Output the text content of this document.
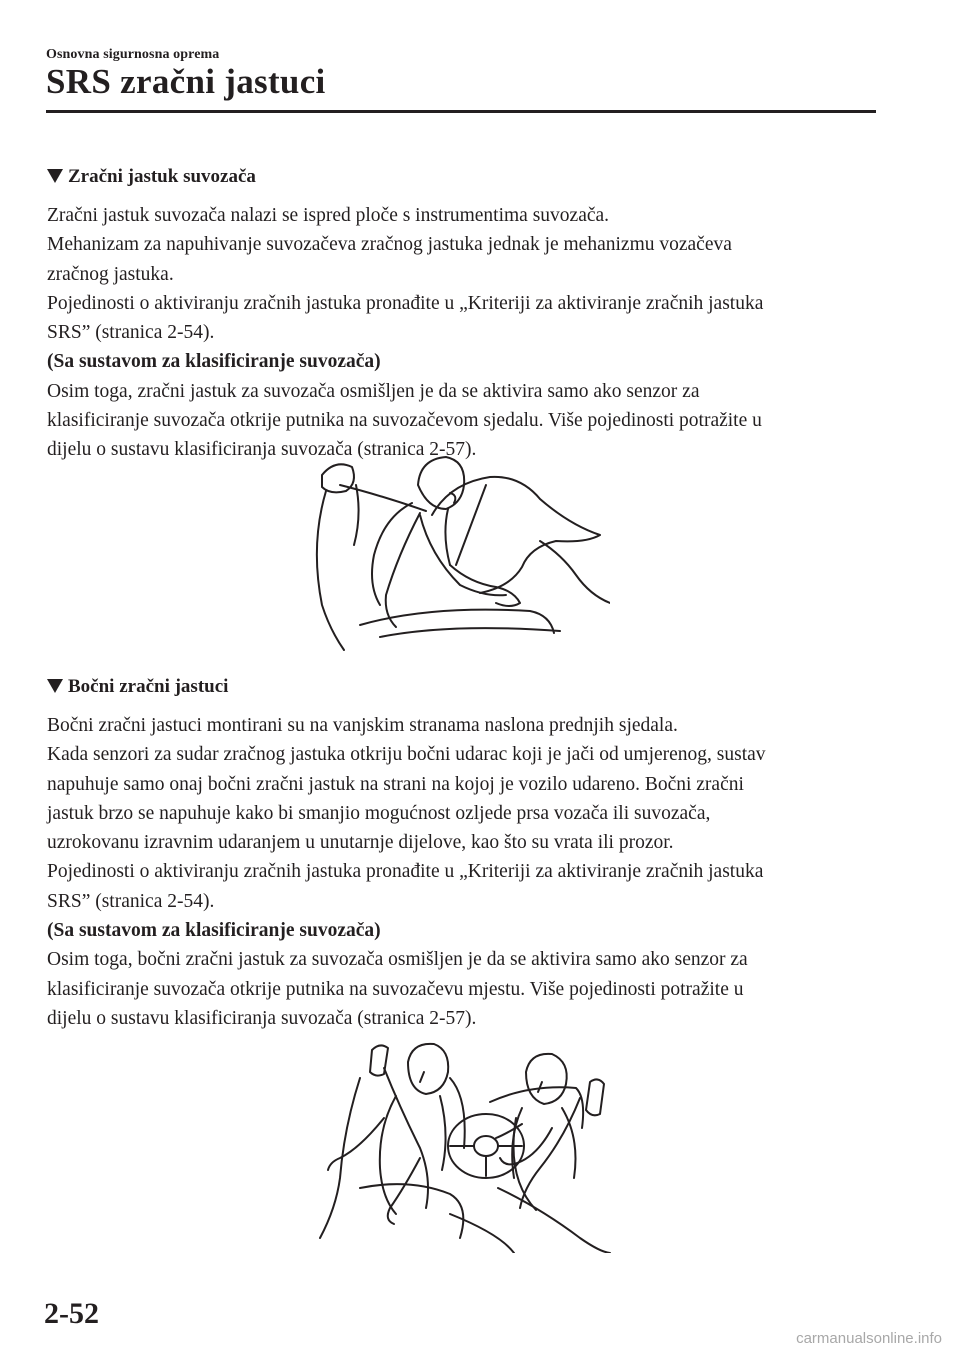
Osnovna sigurnosna oprema
SRS zračni jastuci
Zračni jastuk suvozača

Zračni jastuk suvozača nalazi se ispred ploče s instrumentima suvozača.

Mehanizam za napuhivanje suvozačeva zračnog jastuka jednak je mehanizmu vozačeva

zračnog jastuka.

Pojedinosti o aktiviranju zračnih jastuka pronađite u „Kriteriji za aktiviranje zračnih jastuka

SRS” (stranica 2-54).

(Sa sustavom za klasificiranje suvozača)

Osim toga, zračni jastuk za suvozača osmišljen je da se aktivira samo ako senzor za

klasificiranje suvozača otkrije putnika na suvozačevom sjedalu. Više pojedinosti potražite u

dijelu o sustavu klasificiranja suvozača (stranica 2-57).

Bočni zračni jastuci

Bočni zračni jastuci montirani su na vanjskim stranama naslona prednjih sjedala.

Kada senzori za sudar zračnog jastuka otkriju bočni udarac koji je jači od umjerenog, sustav

napuhuje samo onaj bočni zračni jastuk na strani na kojoj je vozilo udareno. Bočni zračni

jastuk brzo se napuhuje kako bi smanjio mogućnost ozljede prsa vozača ili suvozača,

uzrokovanu izravnim udaranjem u unutarnje dijelove, kao što su vrata ili prozor.

Pojedinosti o aktiviranju zračnih jastuka pronađite u „Kriteriji za aktiviranje zračnih jastuka

SRS” (stranica 2-54).

(Sa sustavom za klasificiranje suvozača)

Osim toga, bočni zračni jastuk za suvozača osmišljen je da se aktivira samo ako senzor za

klasificiranje suvozača otkrije putnika na suvozačevu mjestu. Više pojedinosti potražite u

dijelu o sustavu klasificiranja suvozača (stranica 2-57).

2-52
carmanualsonline.info
